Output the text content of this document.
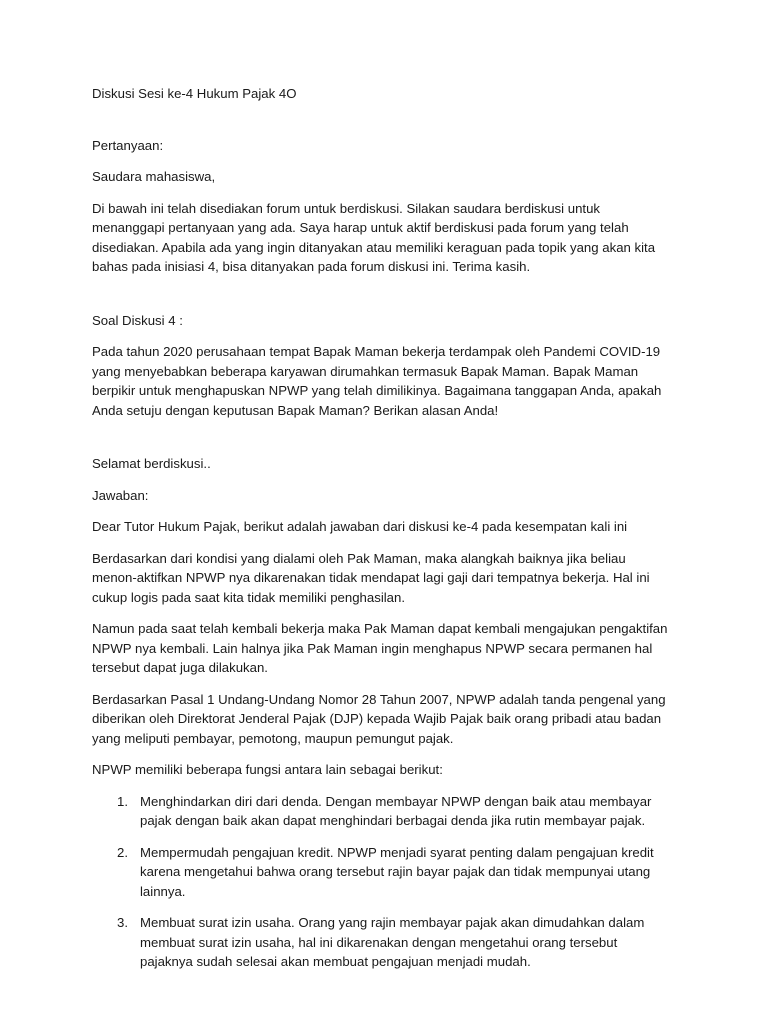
Diskusi Sesi ke-4 Hukum Pajak 4O

Pertanyaan:

Saudara mahasiswa,

Di bawah ini telah disediakan forum untuk berdiskusi. Silakan saudara berdiskusi untuk menanggapi pertanyaan yang ada. Saya harap untuk aktif berdiskusi pada forum yang telah disediakan. Apabila ada yang ingin ditanyakan atau memiliki keraguan pada topik yang akan kita bahas pada inisiasi 4, bisa ditanyakan pada forum diskusi ini. Terima kasih.

Soal Diskusi 4 :

Pada tahun 2020 perusahaan tempat Bapak Maman bekerja terdampak oleh Pandemi COVID-19 yang menyebabkan beberapa karyawan dirumahkan termasuk Bapak Maman. Bapak Maman berpikir untuk menghapuskan NPWP yang telah dimilikinya. Bagaimana tanggapan Anda, apakah Anda setuju dengan keputusan Bapak Maman? Berikan alasan Anda!

Selamat berdiskusi..

Jawaban:

Dear Tutor Hukum Pajak, berikut adalah jawaban dari diskusi ke-4 pada kesempatan kali ini

Berdasarkan dari kondisi yang dialami oleh Pak Maman, maka alangkah baiknya jika beliau menon-aktifkan NPWP nya dikarenakan tidak mendapat lagi gaji dari tempatnya bekerja. Hal ini cukup logis pada saat kita tidak memiliki penghasilan.

Namun pada saat telah kembali bekerja maka Pak Maman dapat kembali mengajukan pengaktifan NPWP nya kembali. Lain halnya jika Pak Maman ingin menghapus NPWP secara permanen hal tersebut dapat juga dilakukan.

Berdasarkan Pasal 1 Undang-Undang Nomor 28 Tahun 2007, NPWP adalah tanda pengenal yang diberikan oleh Direktorat Jenderal Pajak (DJP) kepada Wajib Pajak baik orang pribadi atau badan yang meliputi pembayar, pemotong, maupun pemungut pajak.

NPWP memiliki beberapa fungsi antara lain sebagai berikut:

1. Menghindarkan diri dari denda. Dengan membayar NPWP dengan baik atau membayar pajak dengan baik akan dapat menghindari berbagai denda jika rutin membayar pajak.
2. Mempermudah pengajuan kredit. NPWP menjadi syarat penting dalam pengajuan kredit karena mengetahui bahwa orang tersebut rajin bayar pajak dan tidak mempunyai utang lainnya.
3. Membuat surat izin usaha. Orang yang rajin membayar pajak akan dimudahkan dalam membuat surat izin usaha, hal ini dikarenakan dengan mengetahui orang tersebut pajaknya sudah selesai akan membuat pengajuan menjadi mudah.
